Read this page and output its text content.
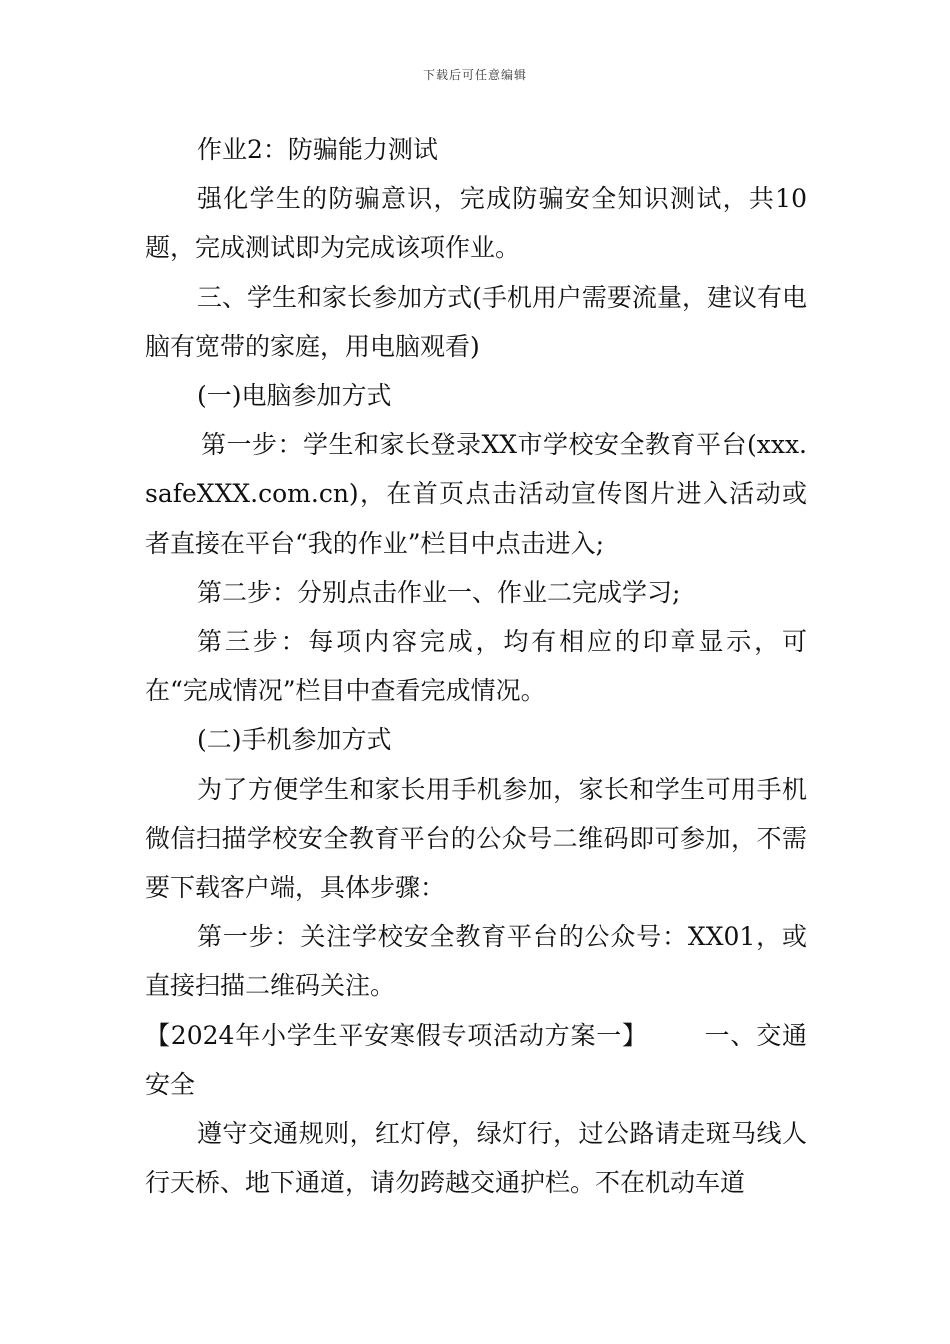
下载后可任意编辑

作业2：防骗能力测试

强化学生的防骗意识，完成防骗安全知识测试，共10题，完成测试即为完成该项作业。

三、学生和家长参加方式(手机用户需要流量，建议有电脑有宽带的家庭，用电脑观看)

(一)电脑参加方式

第一步：学生和家长登录XX市学校安全教育平台(xxx.safeXXX.com.cn)，在首页点击活动宣传图片进入活动或者直接在平台“我的作业”栏目中点击进入;

第二步：分别点击作业一、作业二完成学习;

第三步：每项内容完成，均有相应的印章显示，可在“完成情况”栏目中查看完成情况。

(二)手机参加方式

为了方便学生和家长用手机参加，家长和学生可用手机微信扫描学校安全教育平台的公众号二维码即可参加，不需要下载客户端，具体步骤：

第一步：关注学校安全教育平台的公众号：XX01，或直接扫描二维码关注。

【2024年小学生平安寒假专项活动方案一】 一、交通安全

遵守交通规则，红灯停，绿灯行，过公路请走斑马线人行天桥、地下通道，请勿跨越交通护栏。不在机动车道
